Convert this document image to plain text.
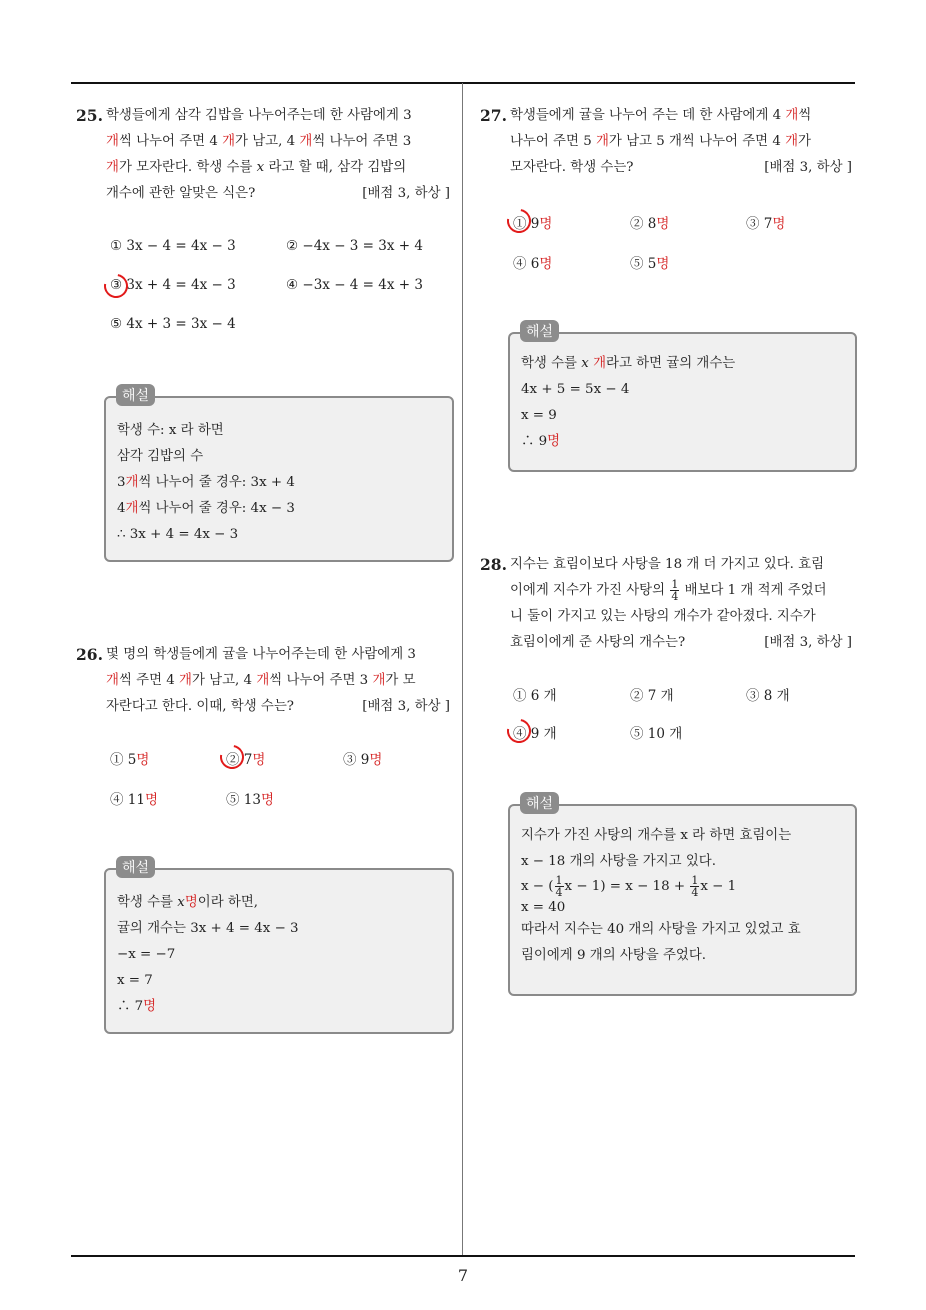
25. 학생들에게 삼각 김밥을 나누어주는데 한 사람에게 3
개씩 나누어 주면 4 개가 남고, 4 개씩 나누어 주면 3
개가 모자란다. 학생 수를 x 라고 할 때, 삼각 김밥의
개수에 관한 알맞은 식은?	[배점 3, 하상 ]
① 3x − 4 = 4x − 3	② −4x − 3 = 3x + 4
③ 3x + 4 = 4x − 3	④ −3x − 4 = 4x + 3
⑤ 4x + 3 = 3x − 4
해설
학생 수: x 라 하면
삼각 김밥의 수
3개씩 나누어 줄 경우: 3x + 4
4개씩 나누어 줄 경우: 4x − 3
∴ 3x + 4 = 4x − 3
26. 몇 명의 학생들에게 귤을 나누어주는데 한 사람에게 3
개씩 주면 4 개가 남고, 4 개씩 나누어 주면 3 개가 모
자란다고 한다. 이때, 학생 수는?	[배점 3, 하상 ]
① 5명	② 7명	③ 9명
④ 11명	⑤ 13명
해설
학생 수를 x명이라 하면,
귤의 개수는 3x + 4 = 4x − 3
−x = −7
x = 7
∴ 7명
27. 학생들에게 귤을 나누어 주는 데 한 사람에게 4 개씩
나누어 주면 5 개가 남고 5 개씩 나누어 주면 4 개가
모자란다. 학생 수는?	[배점 3, 하상 ]
① 9명	② 8명	③ 7명
④ 6명	⑤ 5명
해설
학생 수를 x 개라고 하면 귤의 개수는
4x + 5 = 5x − 4
x = 9
∴ 9명
28. 지수는 효림이보다 사탕을 18 개 더 가지고 있다. 효림
이에게 지수가 가진 사탕의 $\frac{1}{4}$ 배보다 1 개 적게 주었더
니 둘이 가지고 있는 사탕의 개수가 같아졌다. 지수가
효림이에게 준 사탕의 개수는?	[배점 3, 하상 ]
① 6 개	② 7 개	③ 8 개
④ 9 개	⑤ 10 개
해설
지수가 가진 사탕의 개수를 x 라 하면 효림이는
x − 18 개의 사탕을 가지고 있다.
x − ( $\frac{1}{4}$ $x - 1) = x - 18 + \frac{1}{4}$ x − 1
x = 40
따라서 지수는 40 개의 사탕을 가지고 있었고 효
림이에게 9 개의 사탕을 주었다.
7
